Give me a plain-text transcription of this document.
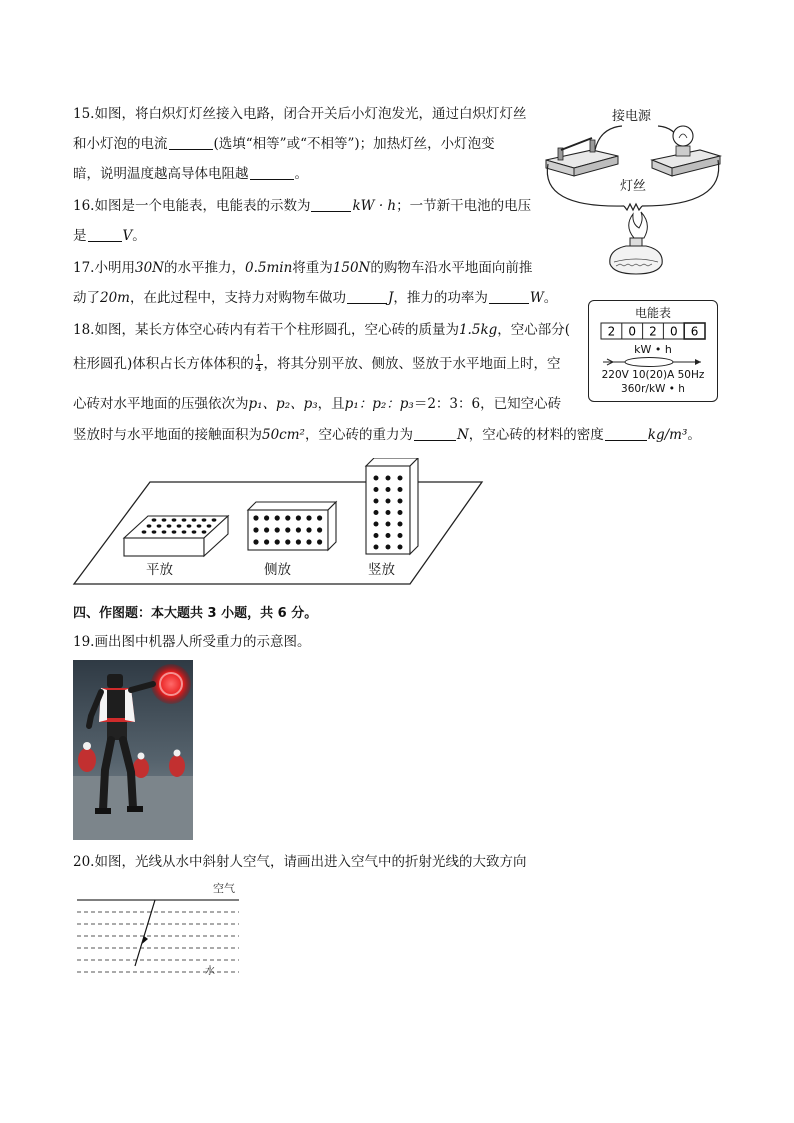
15.如图，将白炽灯灯丝接入电路，闭合开关后小灯泡发光，通过白炽灯灯丝
和小灯泡的电流	(选填“相等”或“不相等”)；加热灯丝，小灯泡变
暗，说明温度越高导体电阻越	。
16.如图是一个电能表，电能表的示数为	kW · h；一节新干电池的电压
是	V。
17.小明用30N的水平推力，0.5min将重为150N的购物车沿水平地面向前推
动了20m，在此过程中，支持力对购物车做功	J，推力的功率为	W。
18.如图，某长方体空心砖内有若干个柱形圆孔，空心砖的质量为1.5kg，空心部分(
柱形圆孔)体积占长方体体积的 $\frac{1}{4}$ ，将其分别平放、侧放、竖放于水平地面上时，空
心砖对水平地面的压强依次为p₁、p₂、p₃，且p₁：p₂：p₃＝2：3：6，已知空心砖
竖放时与水平地面的接触面积为50cm²，空心砖的重力为	N，空心砖的材料的密度	kg/m³。
接电源
灯丝
电能表
2 0 2 0 6
kW • h
220V 10(20)A 50Hz
360r/kW • h
平放	侧放	竖放
四、作图题：本大题共 3 小题，共 6 分。
19.画出图中机器人所受重力的示意图。
20.如图，光线从水中斜射人空气，请画出进入空气中的折射光线的大致方向
空气
水
